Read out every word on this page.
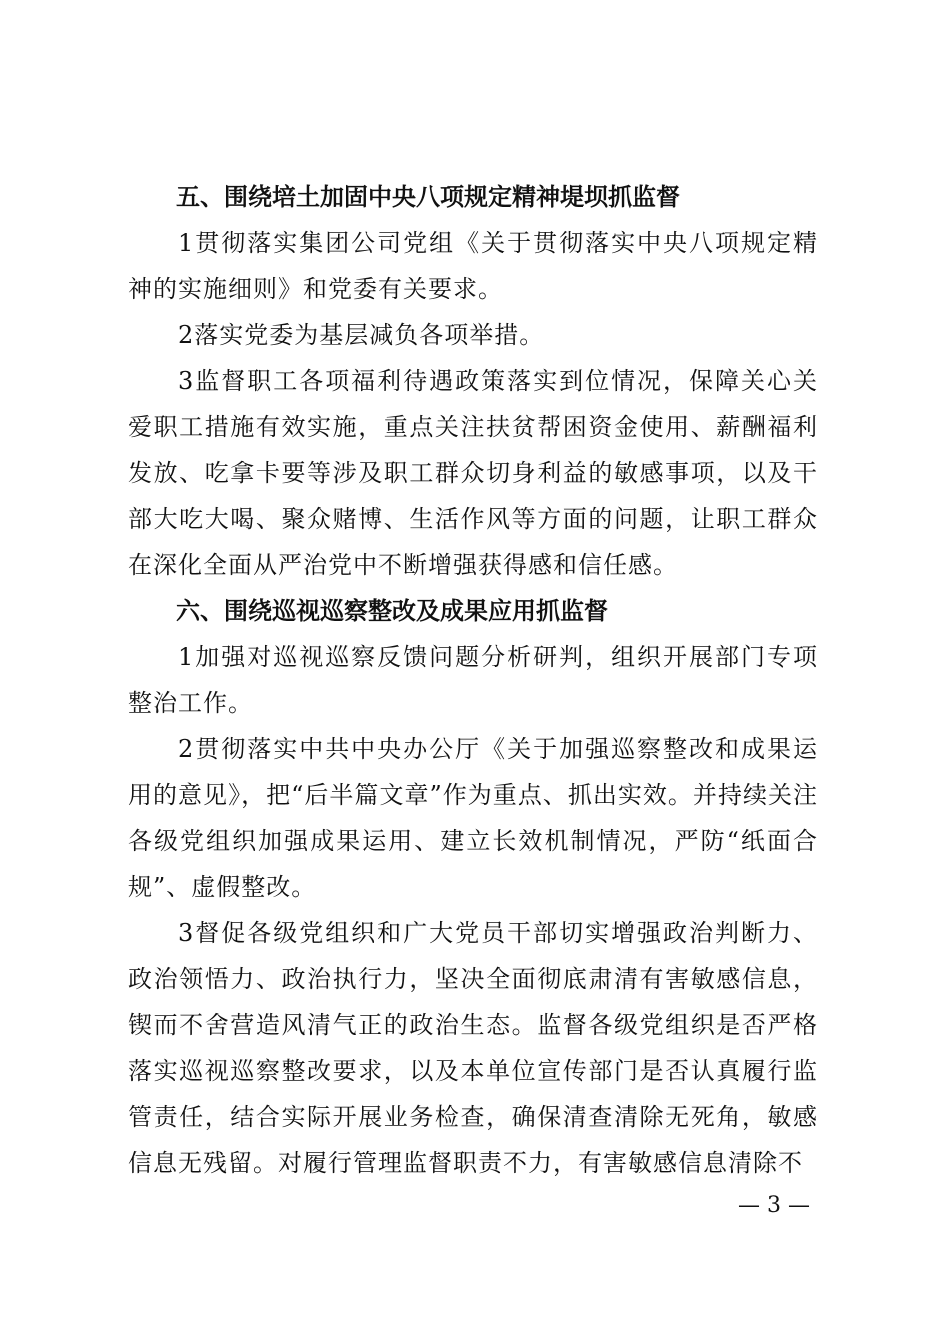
五、围绕培土加固中央八项规定精神堤坝抓监督

1贯彻落实集团公司党组《关于贯彻落实中央八项规定精神的实施细则》和党委有关要求。

2落实党委为基层减负各项举措。

3监督职工各项福利待遇政策落实到位情况，保障关心关爱职工措施有效实施，重点关注扶贫帮困资金使用、薪酬福利发放、吃拿卡要等涉及职工群众切身利益的敏感事项，以及干部大吃大喝、聚众赌博、生活作风等方面的问题，让职工群众在深化全面从严治党中不断增强获得感和信任感。

六、围绕巡视巡察整改及成果应用抓监督

1加强对巡视巡察反馈问题分析研判，组织开展部门专项整治工作。

2贯彻落实中共中央办公厅《关于加强巡察整改和成果运用的意见》，把“后半篇文章”作为重点、抓出实效。并持续关注各级党组织加强成果运用、建立长效机制情况，严防“纸面合规”、虚假整改。

3督促各级党组织和广大党员干部切实增强政治判断力、政治领悟力、政治执行力，坚决全面彻底肃清有害敏感信息，锲而不舍营造风清气正的政治生态。监督各级党组织是否严格落实巡视巡察整改要求，以及本单位宣传部门是否认真履行监管责任，结合实际开展业务检查，确保清查清除无死角，敏感信息无残留。对履行管理监督职责不力，有害敏感信息清除不

— 3 —
